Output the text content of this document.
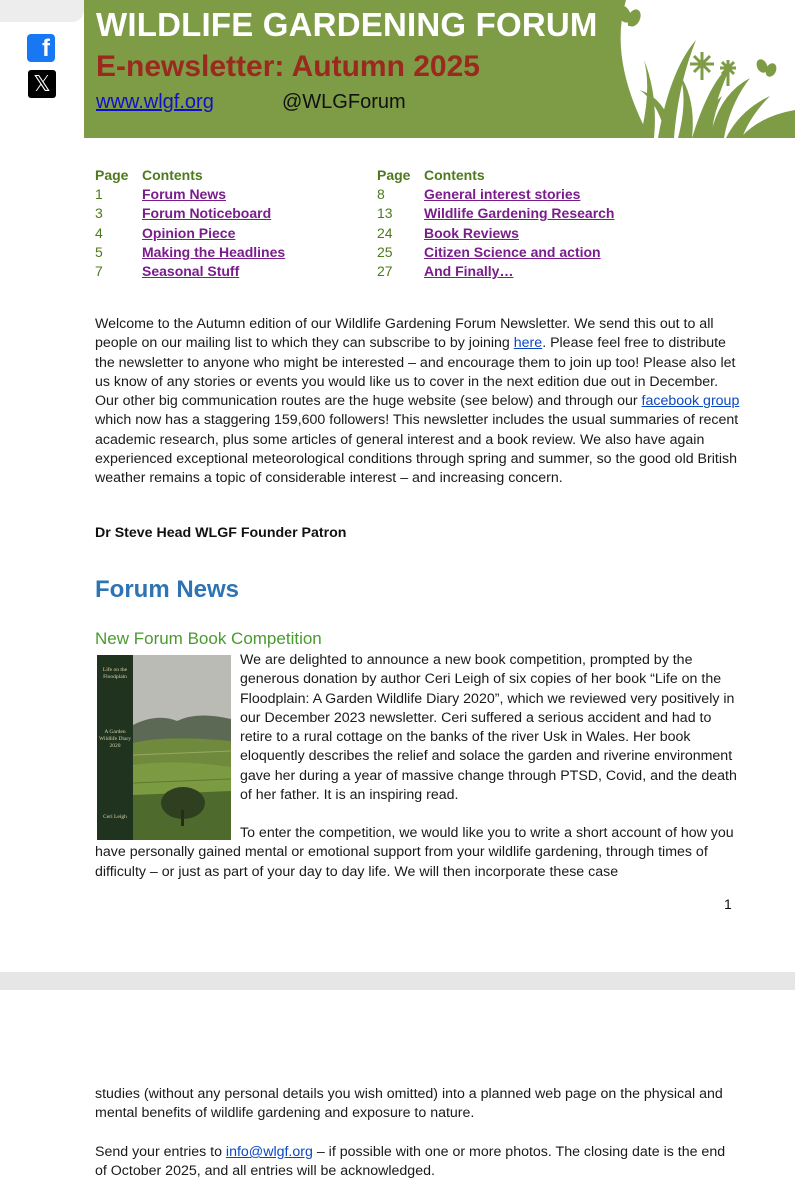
f
𝕏
WILDLIFE GARDENING FORUM
E-newsletter: Autumn 2025
www.wlgf.org	@WLGForum
Page Contents
1	Forum News
3	Forum Noticeboard
4	Opinion Piece
5	Making the Headlines
7	Seasonal Stuff
Page Contents
8	General interest stories
13	Wildlife Gardening Research
24	Book Reviews
25	Citizen Science and action
27	And Finally…
Welcome to the Autumn edition of our Wildlife Gardening Forum Newsletter. We send this out to all people on our mailing list to which they can subscribe to by joining here. Please feel free to distribute the newsletter to anyone who might be interested – and encourage them to join up too! Please also let us know of any stories or events you would like us to cover in the next edition due out in December. Our other big communication routes are the huge website (see below) and through our facebook group which now has a staggering 159,600 followers! This newsletter includes the usual summaries of recent academic research, plus some articles of general interest and a book review. We also have again experienced exceptional meteorological conditions through spring and summer, so the good old British weather remains a topic of considerable interest – and increasing concern.
Dr Steve Head WLGF Founder Patron
Forum News
New Forum Book Competition
Life on the Floodplain
A Garden Wildlife Diary 2020
Ceri Leigh
We are delighted to announce a new book competition, prompted by the generous donation by author Ceri Leigh of six copies of her book “Life on the Floodplain: A Garden Wildlife Diary 2020”, which we reviewed very positively in our December 2023 newsletter. Ceri suffered a serious accident and had to retire to a rural cottage on the banks of the river Usk in Wales. Her book eloquently describes the relief and solace the garden and riverine environment gave her during a year of massive change through PTSD, Covid, and the death of her father. It is an inspiring read.
To enter the competition, we would like you to write a short account of how you have personally gained mental or emotional support from your wildlife gardening, through times of difficulty – or just as part of your day to day life. We will then incorporate these case
1
studies (without any personal details you wish omitted) into a planned web page on the physical and mental benefits of wildlife gardening and exposure to nature.
Send your entries to info@wlgf.org – if possible with one or more photos. The closing date is the end of October 2025, and all entries will be acknowledged.
